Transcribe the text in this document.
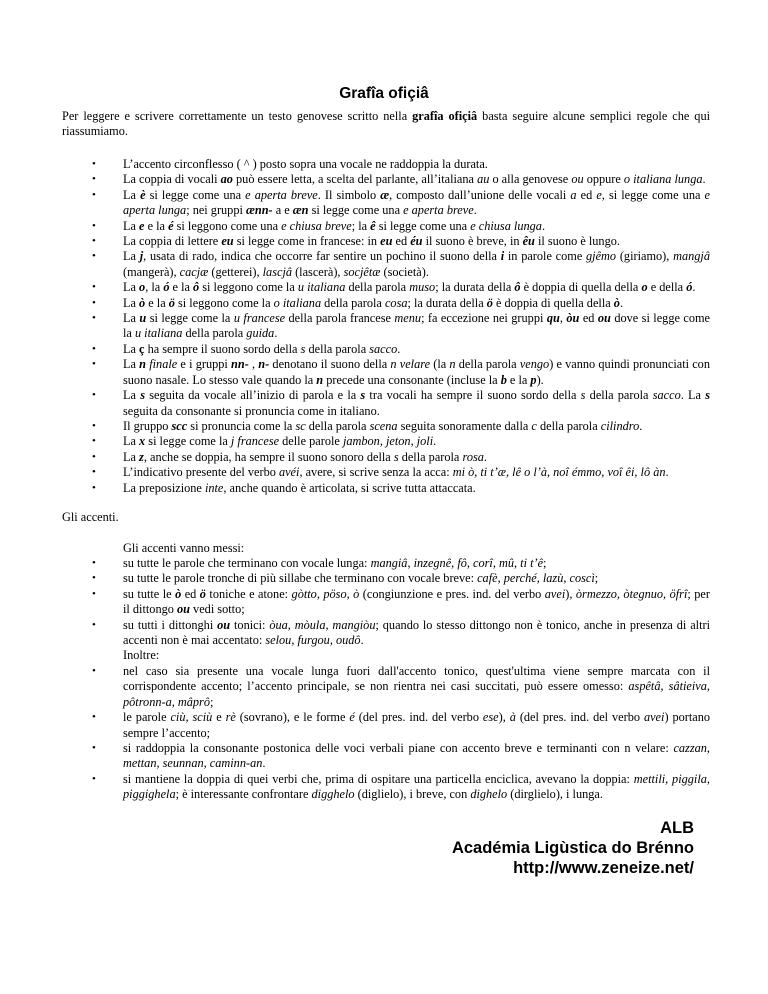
Grafîa ofiçiâ

Per leggere e scrivere correttamente un testo genovese scritto nella grafîa ofiçiâ basta seguire alcune semplici regole che qui riassumiamo.

• L’accento circonflesso ( ^ ) posto sopra una vocale ne raddoppia la durata.
• La coppia di vocali ao può essere letta, a scelta del parlante, all’italiana au o alla genovese ou oppure o italiana lunga.
• La è si legge come una e aperta breve. Il simbolo æ, composto dall’unione delle vocali a ed e, si legge come una e aperta lunga; nei gruppi ænn- a e æn si legge come una e aperta breve.
• La e e la é si leggono come una e chiusa breve; la ê si legge come una e chiusa lunga.
• La coppia di lettere eu si legge come in francese: in eu ed éu il suono è breve, in êu il suono è lungo.
• La j, usata di rado, indica che occorre far sentire un pochino il suono della i in parole come gjêmo (giriamo), mangjâ (mangerà), cacjæ (getterei), lascjâ (lascerà), socjêtæ (società).
• La o, la ó e la ô si leggono come la u italiana della parola muso; la durata della ô è doppia di quella della o e della ó.
• La ò e la ö si leggono come la o italiana della parola cosa; la durata della ö è doppia di quella della ò.
• La u si legge come la u francese della parola francese menu; fa eccezione nei gruppi qu, òu ed ou dove si legge come la u italiana della parola guida.
• La ç ha sempre il suono sordo della s della parola sacco.
• La n finale e i gruppi nn- , n- denotano il suono della n velare (la n della parola vengo) e vanno quindi pronunciati con suono nasale. Lo stesso vale quando la n precede una consonante (incluse la b e la p).
• La s seguita da vocale all’inizio di parola e la s tra vocali ha sempre il suono sordo della s della parola sacco. La s seguita da consonante si pronuncia come in italiano.
• Il gruppo scc si pronuncia come la sc della parola scena seguita sonoramente dalla c della parola cilindro.
• La x si legge come la j francese delle parole jambon, jeton, joli.
• La z, anche se doppia, ha sempre il suono sonoro della s della parola rosa.
• L’indicativo presente del verbo avéi, avere, si scrive senza la acca: mi ò, ti t’æ, lê o l’à, noî émmo, voî êi, lô àn.
• La preposizione inte, anche quando è articolata, si scrive tutta attaccata.

Gli accenti.

Gli accenti vanno messi:

• su tutte le parole che terminano con vocale lunga: mangiâ, inzegnê, fô, corî, mû, ti t’ê;
• su tutte le parole tronche di più sillabe che terminano con vocale breve: cafè, perché, lazù, coscì;
• su tutte le ò ed ö toniche e atone: gòtto, pöso, ò (congiunzione e pres. ind. del verbo avei), òrmezzo, òtegnuo, öfrî; per il dittongo ou vedi sotto;
• su tutti i dittonghi ou tonici: òua, mòula, mangiòu; quando lo stesso dittongo non è tonico, anche in presenza di altri accenti non è mai accentato: selou, furgou, oudô.

Inoltre:

• nel caso sia presente una vocale lunga fuori dall'accento tonico, quest'ultima viene sempre marcata con il corrispondente accento; l’accento principale, se non rientra nei casi succitati, può essere omesso: aspêtâ, sâtieiva, pôtronn-a, mâprô;
• le parole ciù, sciù e rè (sovrano), e le forme é (del pres. ind. del verbo ese), à (del pres. ind. del verbo avei) portano sempre l’accento;
• si raddoppia la consonante postonica delle voci verbali piane con accento breve e terminanti con n velare: cazzan, mettan, seunnan, caminn-an.
• si mantiene la doppia di quei verbi che, prima di ospitare una particella enciclica, avevano la doppia: mettili, piggila, piggighela; è interessante confrontare digghelo (diglielo), i breve, con dighelo (dirglielo), i lunga.
ALB
Académia Ligùstica do Brénno
http://www.zeneize.net/
